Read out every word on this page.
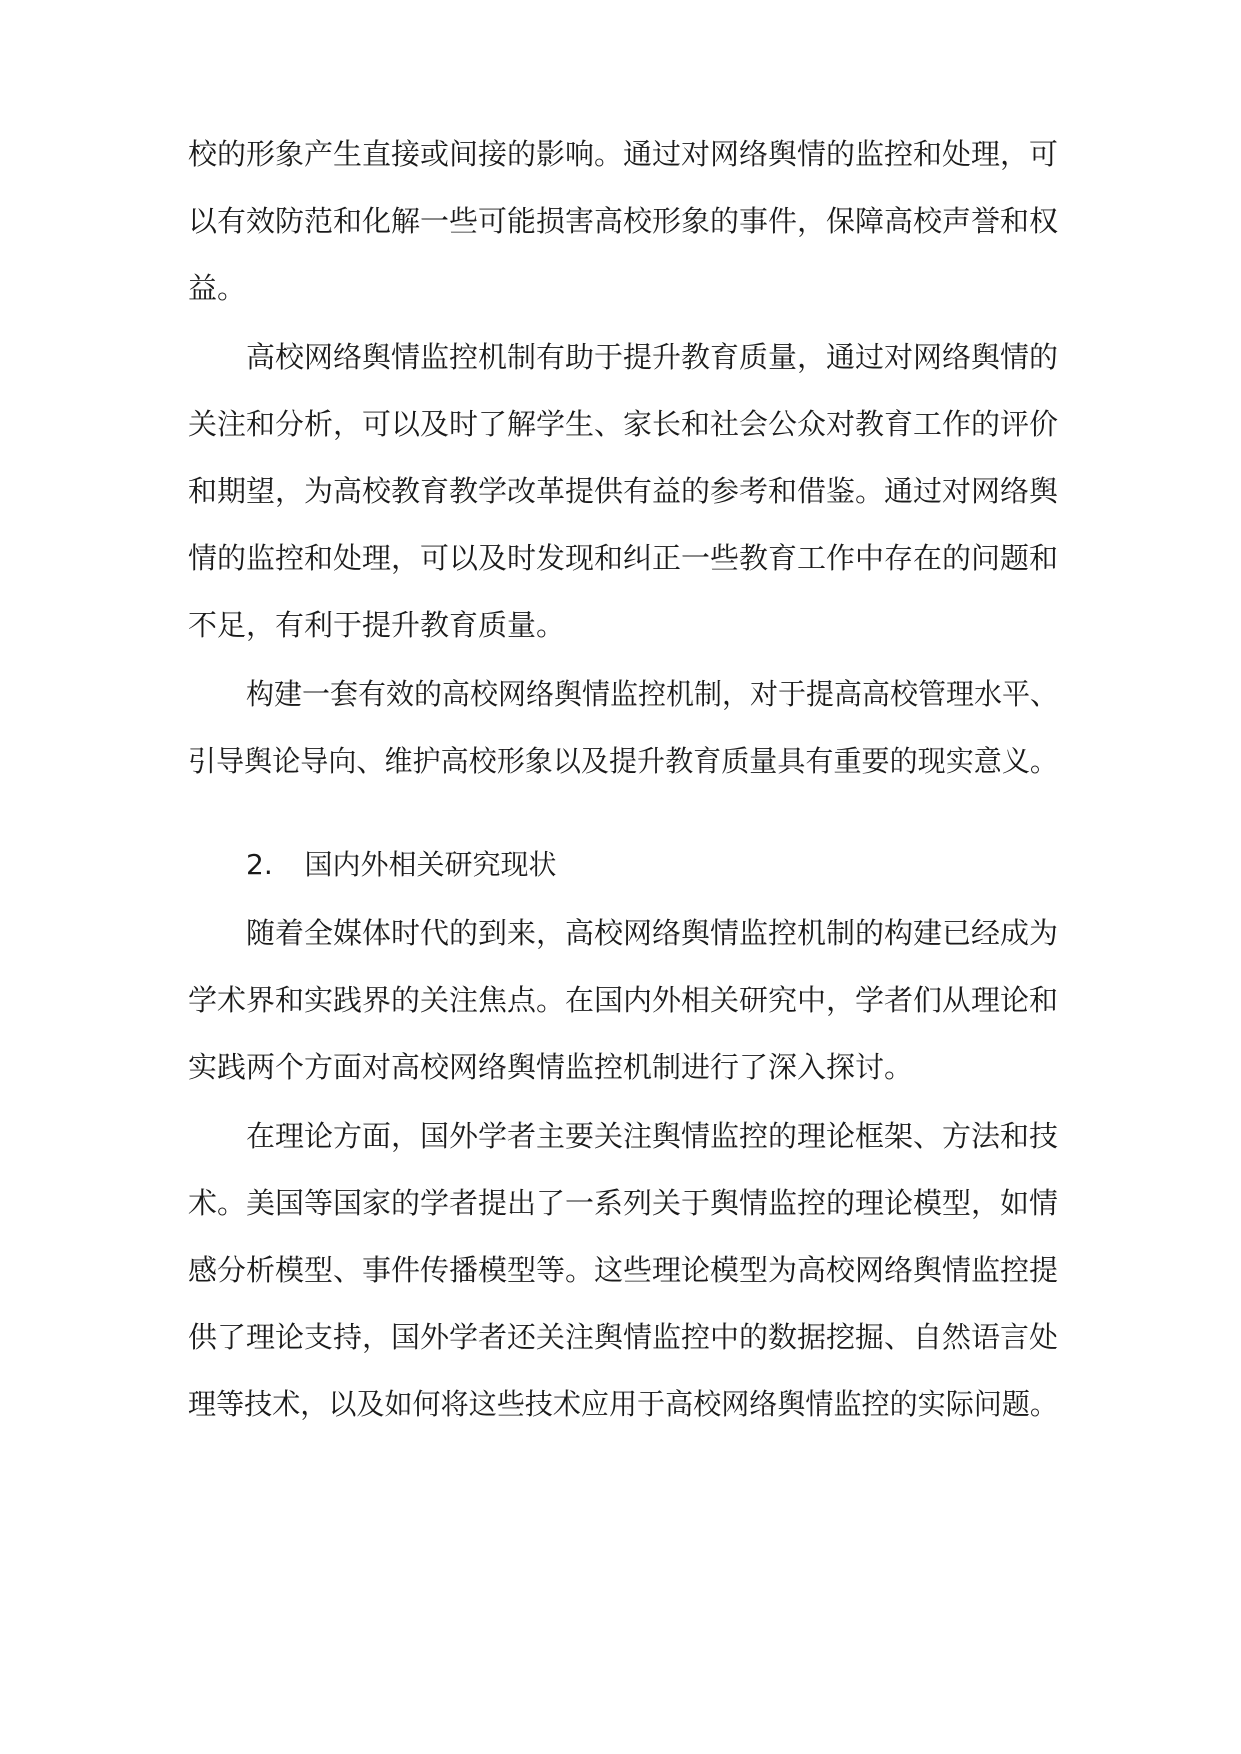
校的形象产生直接或间接的影响。通过对网络舆情的监控和处理，可
以有效防范和化解一些可能损害高校形象的事件，保障高校声誉和权
益。
高校网络舆情监控机制有助于提升教育质量，通过对网络舆情的
关注和分析，可以及时了解学生、家长和社会公众对教育工作的评价
和期望，为高校教育教学改革提供有益的参考和借鉴。通过对网络舆
情的监控和处理，可以及时发现和纠正一些教育工作中存在的问题和
不足，有利于提升教育质量。
构建一套有效的高校网络舆情监控机制，对于提高高校管理水平、
引导舆论导向、维护高校形象以及提升教育质量具有重要的现实意义。
2. 国内外相关研究现状
随着全媒体时代的到来，高校网络舆情监控机制的构建已经成为
学术界和实践界的关注焦点。在国内外相关研究中，学者们从理论和
实践两个方面对高校网络舆情监控机制进行了深入探讨。
在理论方面，国外学者主要关注舆情监控的理论框架、方法和技
术。美国等国家的学者提出了一系列关于舆情监控的理论模型，如情
感分析模型、事件传播模型等。这些理论模型为高校网络舆情监控提
供了理论支持，国外学者还关注舆情监控中的数据挖掘、自然语言处
理等技术，以及如何将这些技术应用于高校网络舆情监控的实际问题。
